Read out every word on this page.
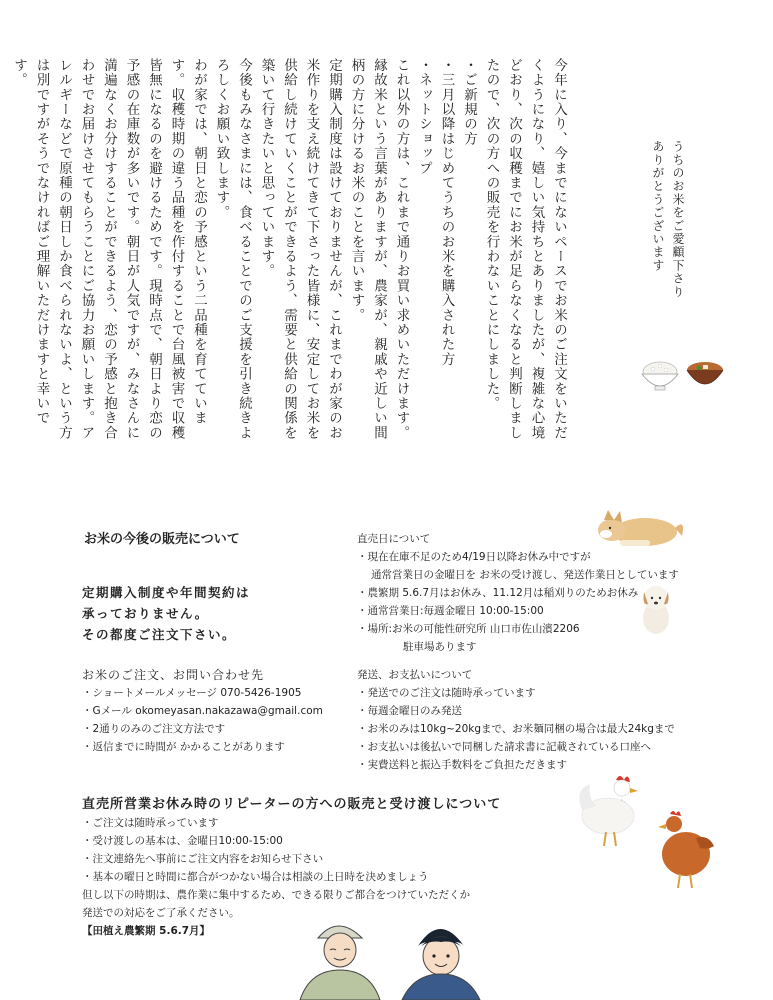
うちのお米をご愛顧下さり

ありがとうございます

今年に入り、今までにないペースでお米のご注文をいただくようになり、嬉しい気持ちとありましたが、複雑な心境どおり、次の収穫までにお米が足らなくなると判断しましたので、次の方への販売を行わないことにしました。

・ご新規の方

・三月以降はじめてうちのお米を購入された方

・ネットショップ

これ以外の方は、これまで通りお買い求めいただけます。

縁故米という言葉がありますが、農家が、親戚や近しい間柄の方に分けるお米のことを言います。

定期購入制度は設けておりませんが、これまでわが家のお米作りを支え続けてきて下さった皆様に、安定してお米を供給し続けていくことができるよう、需要と供給の関係を築いて行きたいと思っています。

今後もみなさまには、食べることでのご支援を引き続きよろしくお願い致します。

わが家では、朝日と恋の予感という二品種を育てています。収穫時期の違う品種を作付することで台風被害で収穫皆無になるのを避けるためです。現時点で、朝日より恋の予感の在庫数が多いです。朝日が人気ですが、みなさんに満遍なくお分けすることができるよう、恋の予感と抱き合わせでお届けさせてもらうことにご協力お願いします。アレルギーなどで原種の朝日しか食べられないよ、という方は別ですがそうでなければご理解いただけますと幸いです。

お米の今後の販売について
定期購入制度や年間契約は
承っておりません。
その都度ご注文下さい。
直売日について
・現在在庫不足のため4/19日以降お休み中ですが
通常営業日の金曜日を お米の受け渡し、発送作業日としています
・農繁期 5.6.7月はお休み、11.12月は稲刈りのためお休み
・通常営業日:毎週金曜日 10:00-15:00
・場所:お米の可能性研究所 山口市佐山濱2206
駐車場あります
お米のご注文、お問い合わせ先
・ショートメールメッセージ 070-5426-1905
・Gメール okomeyasan.nakazawa@gmail.com
・2通りのみのご注文方法です
・返信までに時間が かかることがあります
発送、お支払いについて
・発送でのご注文は随時承っています
・毎週金曜日のみ発送
・お米のみは10kg~20kgまで、お米麺同梱の場合は最大24kgまで
・お支払いは後払いで同梱した請求書に記載されている口座へ
・実費送料と振込手数料をご負担ただきます
直売所営業お休み時のリピーターの方への販売と受け渡しについて
・ご注文は随時承っています
・受け渡しの基本は、金曜日10:00-15:00
・注文連絡先へ事前にご注文内容をお知らせ下さい
・基本の曜日と時間に都合がつかない場合は相談の上日時を決めましょう
但し以下の時期は、農作業に集中するため、できる限りご都合をつけていただくか
発送での対応をご了承ください。
【田植え農繁期 5.6.7月】
